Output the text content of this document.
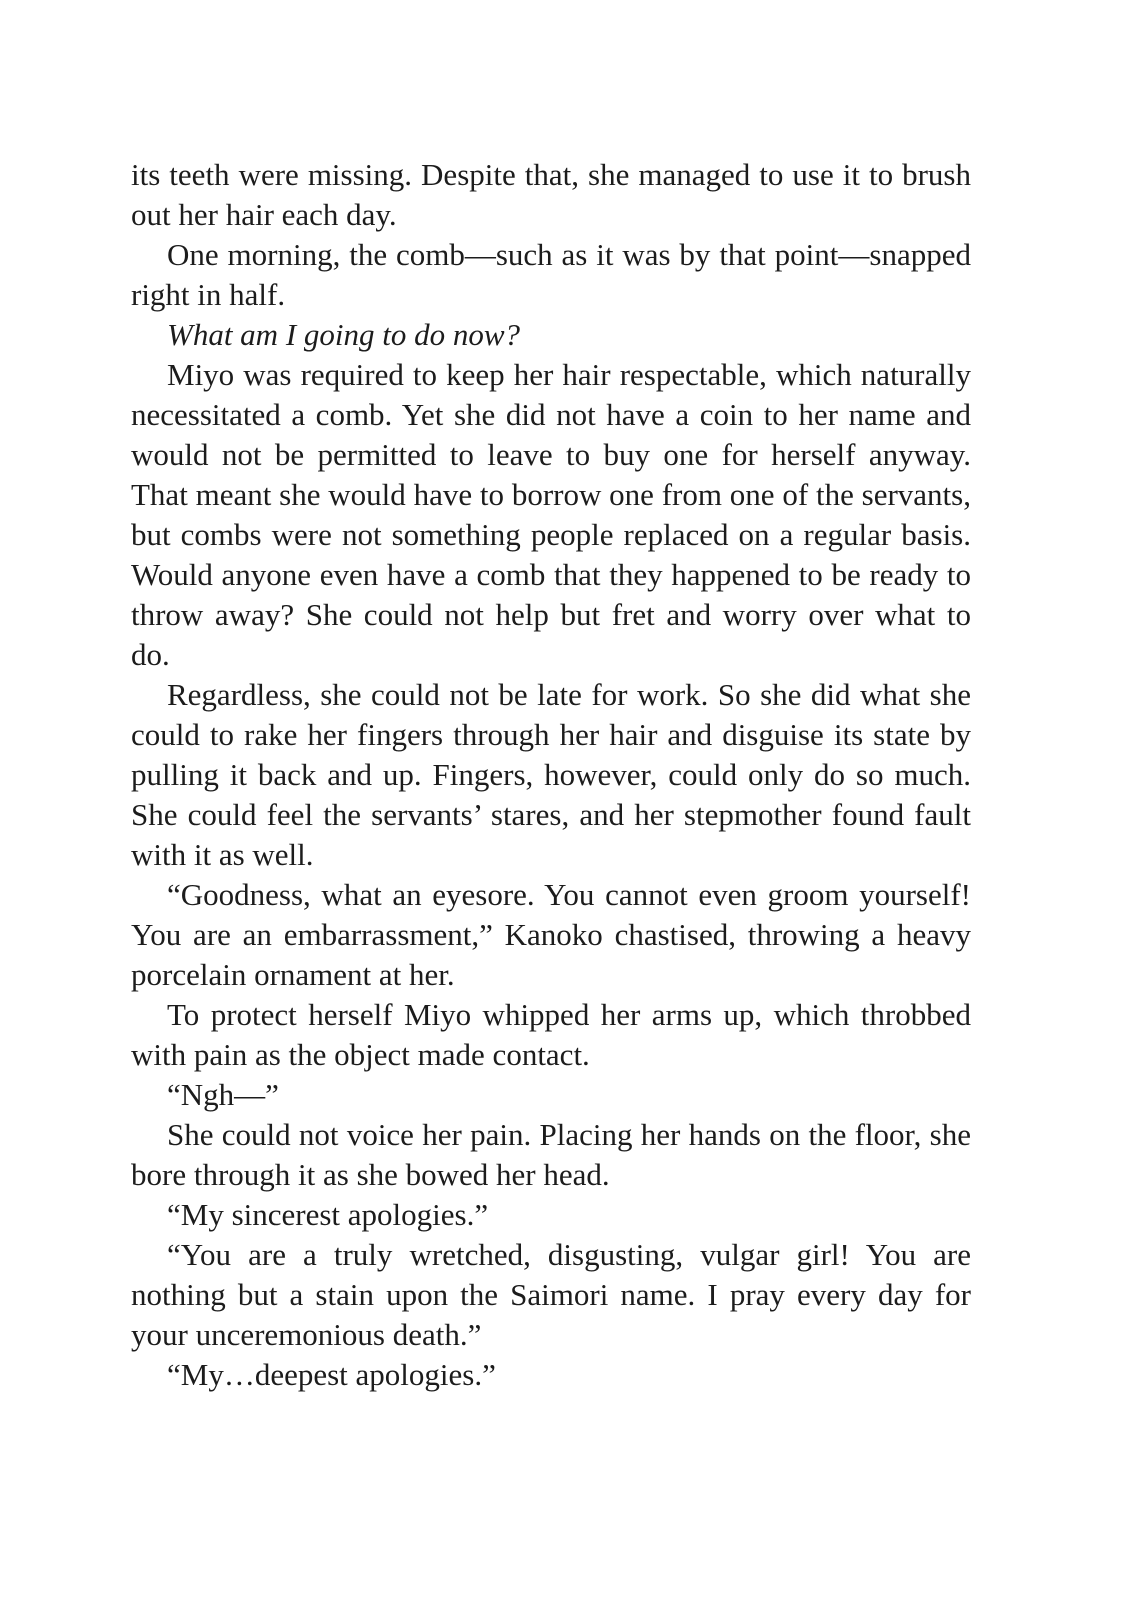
its teeth were missing. Despite that, she managed to use it to brush out her hair each day.

One morning, the comb—such as it was by that point—snapped right in half.

What am I going to do now?

Miyo was required to keep her hair respectable, which naturally necessitated a comb. Yet she did not have a coin to her name and would not be permitted to leave to buy one for herself anyway. That meant she would have to borrow one from one of the servants, but combs were not something people replaced on a regular basis. Would anyone even have a comb that they happened to be ready to throw away? She could not help but fret and worry over what to do.

Regardless, she could not be late for work. So she did what she could to rake her fingers through her hair and disguise its state by pulling it back and up. Fingers, however, could only do so much. She could feel the servants’ stares, and her stepmother found fault with it as well.

“Goodness, what an eyesore. You cannot even groom yourself! You are an embarrassment,” Kanoko chastised, throwing a heavy porcelain ornament at her.

To protect herself Miyo whipped her arms up, which throbbed with pain as the object made contact.

“Ngh—”

She could not voice her pain. Placing her hands on the floor, she bore through it as she bowed her head.

“My sincerest apologies.”

“You are a truly wretched, disgusting, vulgar girl! You are nothing but a stain upon the Saimori name. I pray every day for your unceremonious death.”

“My…deepest apologies.”
